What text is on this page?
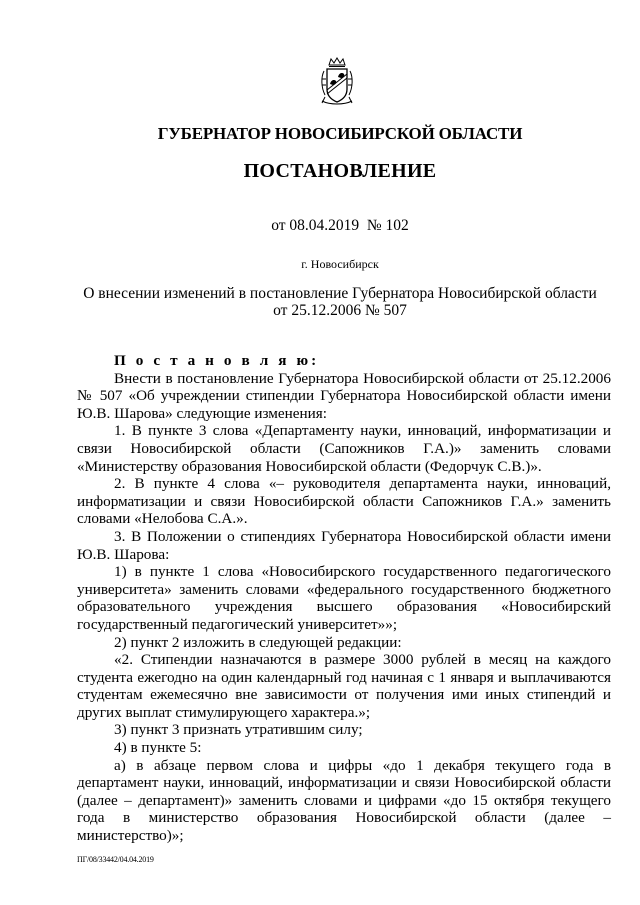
ГУБЕРНАТОР НОВОСИБИРСКОЙ ОБЛАСТИ
ПОСТАНОВЛЕНИЕ
от 08.04.2019  № 102
г. Новосибирск
О внесении изменений в постановление Губернатора Новосибирской области
от 25.12.2006 № 507

П о с т а н о в л я ю:

Внести в постановление Губернатора Новосибирской области от 25.12.2006 № 507 «Об учреждении стипендии Губернатора Новосибирской области имени Ю.В. Шарова» следующие изменения:

1. В пункте 3 слова «Департаменту науки, инноваций, информатизации и связи Новосибирской области (Сапожников Г.А.)» заменить словами «Министерству образования Новосибирской области (Федорчук С.В.)».

2. В пункте 4 слова «– руководителя департамента науки, инноваций, информатизации и связи Новосибирской области Сапожников Г.А.» заменить словами «Нелобова С.А.».

3. В Положении о стипендиях Губернатора Новосибирской области имени Ю.В. Шарова:

1) в пункте 1 слова «Новосибирского государственного педагогического университета» заменить словами «федерального государственного бюджетного образовательного учреждения высшего образования «Новосибирский государственный педагогический университет»»;

2) пункт 2 изложить в следующей редакции:

«2. Стипендии назначаются в размере 3000 рублей в месяц на каждого студента ежегодно на один календарный год начиная с 1 января и выплачиваются студентам ежемесячно вне зависимости от получения ими иных стипендий и других выплат стимулирующего характера.»;

3) пункт 3 признать утратившим силу;

4) в пункте 5:

а) в абзаце первом слова и цифры «до 1 декабря текущего года в департамент науки, инноваций, информатизации и связи Новосибирской области (далее – департамент)» заменить словами и цифрами «до 15 октября текущего года в министерство образования Новосибирской области (далее – министерство)»;

ПГ/08/33442/04.04.2019
